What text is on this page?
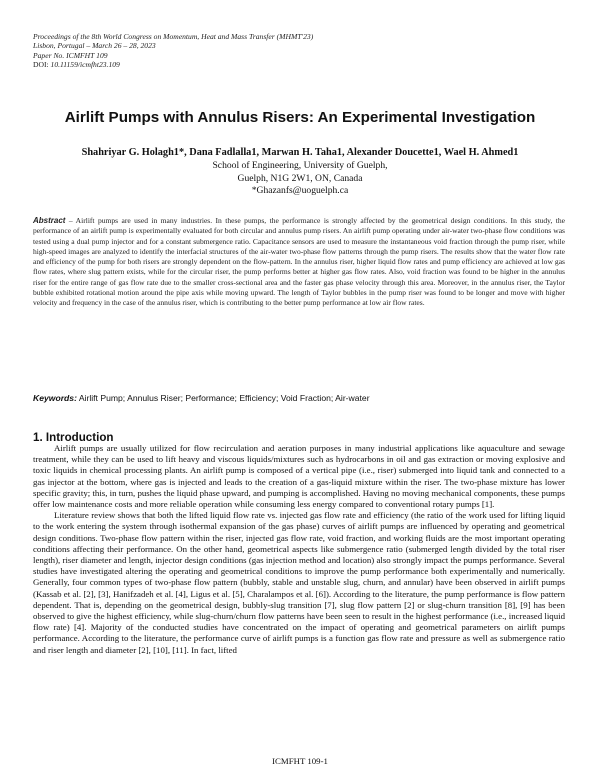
Proceedings of the 8th World Congress on Momentum, Heat and Mass Transfer (MHMT'23)
Lisbon, Portugal – March 26 – 28, 2023
Paper No. ICMFHT 109
DOI: 10.11159/icmfht23.109
Airlift Pumps with Annulus Risers: An Experimental Investigation
Shahriyar G. Holagh1*, Dana Fadlalla1, Marwan H. Taha1, Alexander Doucette1, Wael H. Ahmed1
School of Engineering, University of Guelph,
Guelph, N1G 2W1, ON, Canada
*Ghazanfs@uoguelph.ca
Abstract – Airlift pumps are used in many industries. In these pumps, the performance is strongly affected by the geometrical design conditions. In this study, the performance of an airlift pump is experimentally evaluated for both circular and annulus pump risers. An airlift pump operating under air-water two-phase flow conditions was tested using a dual pump injector and for a constant submergence ratio. Capacitance sensors are used to measure the instantaneous void fraction through the pump riser, while high-speed images are analyzed to identify the interfacial structures of the air-water two-phase flow patterns through the pump risers. The results show that the water flow rate and efficiency of the pump for both risers are strongly dependent on the flow-pattern. In the annulus riser, higher liquid flow rates and pump efficiency are achieved at low gas flow rates, where slug pattern exists, while for the circular riser, the pump performs better at higher gas flow rates. Also, void fraction was found to be higher in the annulus riser for the entire range of gas flow rate due to the smaller cross-sectional area and the faster gas phase velocity through this area. Moreover, in the annulus riser, the Taylor bubble exhibited rotational motion around the pipe axis while moving upward. The length of Taylor bubbles in the pump riser was found to be longer and move with higher velocity and frequency in the case of the annulus riser, which is contributing to the better pump performance at low air flow rates.
Keywords: Airlift Pump; Annulus Riser; Performance; Efficiency; Void Fraction; Air-water
1. Introduction

Airlift pumps are usually utilized for flow recirculation and aeration purposes in many industrial applications like aquaculture and sewage treatment, while they can be used to lift heavy and viscous liquids/mixtures such as hydrocarbons in oil and gas extraction or moving explosive and toxic liquids in chemical processing plants. An airlift pump is composed of a vertical pipe (i.e., riser) submerged into liquid tank and connected to a gas injector at the bottom, where gas is injected and leads to the creation of a gas-liquid mixture within the riser. The two-phase mixture has lower specific gravity; this, in turn, pushes the liquid phase upward, and pumping is accomplished. Having no moving mechanical components, these pumps offer low maintenance costs and more reliable operation while consuming less energy compared to conventional rotary pumps [1].

Literature review shows that both the lifted liquid flow rate vs. injected gas flow rate and efficiency (the ratio of the work used for lifting liquid to the work entering the system through isothermal expansion of the gas phase) curves of airlift pumps are influenced by operating and geometrical design conditions. Two-phase flow pattern within the riser, injected gas flow rate, void fraction, and working fluids are the most important operating conditions affecting their performance. On the other hand, geometrical aspects like submergence ratio (submerged length divided by the total riser length), riser diameter and length, injector design conditions (gas injection method and location) also strongly impact the pumps performance. Several studies have investigated altering the operating and geometrical conditions to improve the pump performance both experimentally and numerically. Generally, four common types of two-phase flow pattern (bubbly, stable and unstable slug, churn, and annular) have been observed in airlift pumps (Kassab et al. [2], [3], Hanifzadeh et al. [4], Ligus et al. [5], Charalampos et al. [6]). According to the literature, the pump performance is flow pattern dependent. That is, depending on the geometrical design, bubbly-slug transition [7], slug flow pattern [2] or slug-churn transition [8], [9] has been observed to give the highest efficiency, while slug-churn/churn flow patterns have been seen to result in the highest performance (i.e., increased liquid flow rate) [4]. Majority of the conducted studies have concentrated on the impact of operating and geometrical parameters on airlift pumps performance. According to the literature, the performance curve of airlift pumps is a function gas flow rate and pressure as well as submergence ratio and riser length and diameter [2], [10], [11]. In fact, lifted

ICMFHT 109-1
